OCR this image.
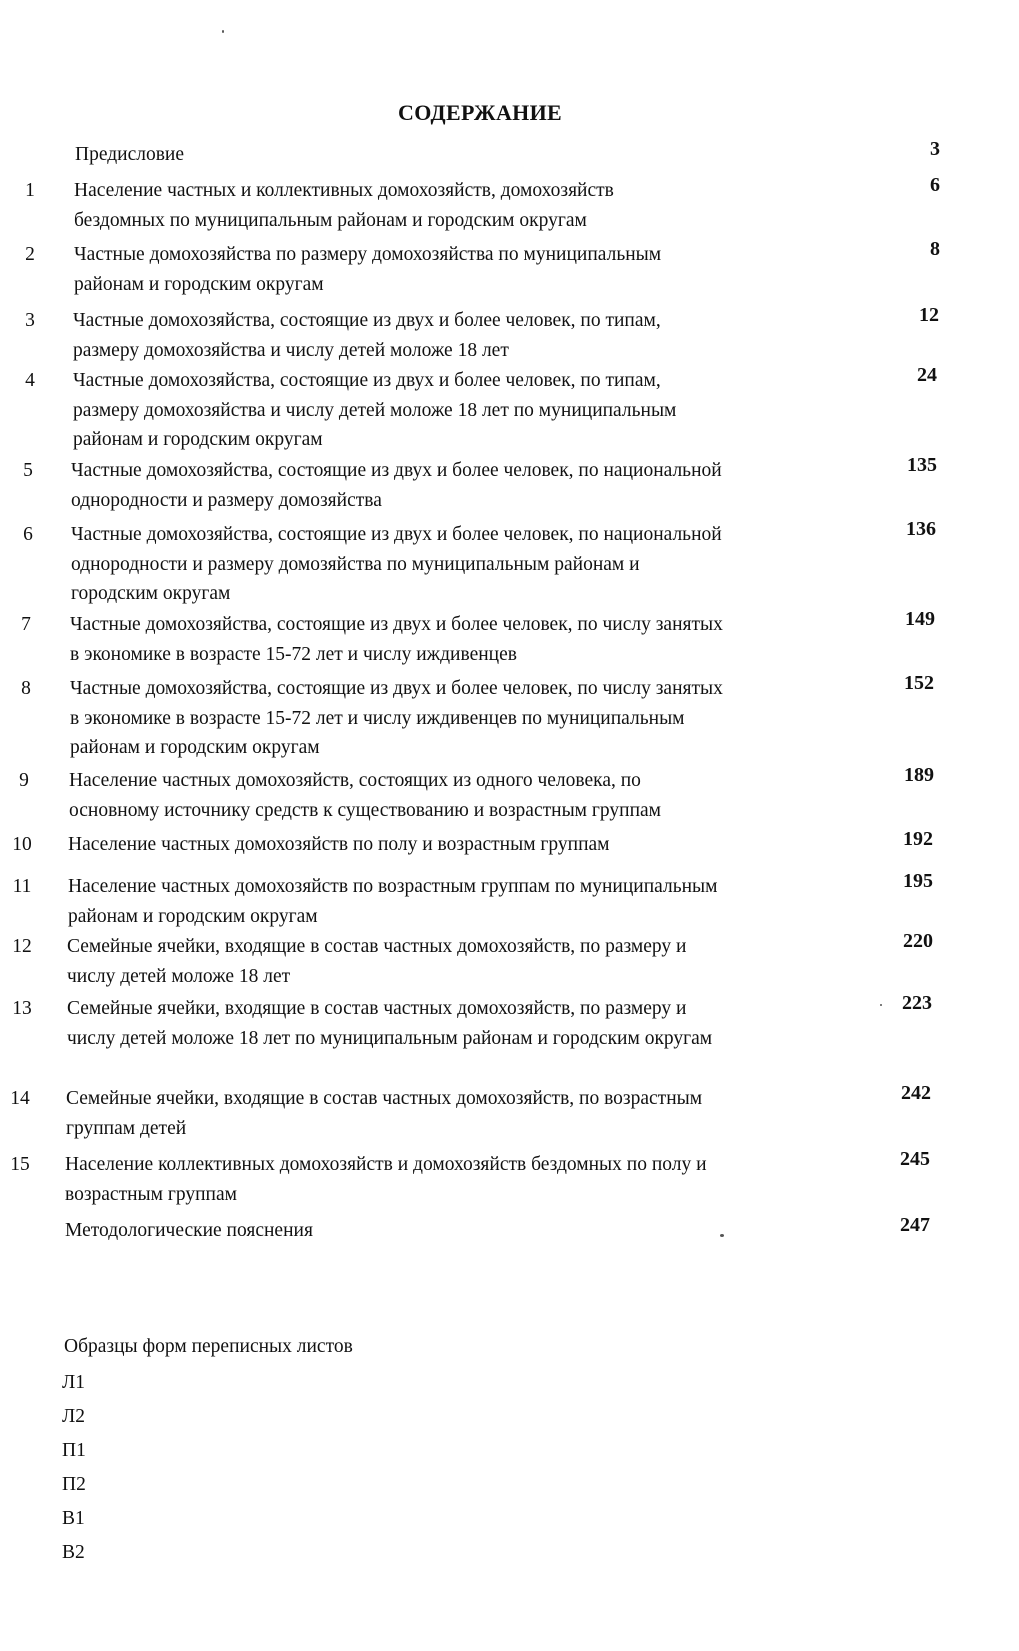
СОДЕРЖАНИЕ
Предисловие	3
1	Население частных и коллективных домохозяйств, домохозяйств
бездомных по муниципальным районам и городским округам
6
2	Частные домохозяйства по размеру домохозяйства по муниципальным
районам и городским округам
8
3	Частные домохозяйства, состоящие из двух и более человек, по типам,
размеру домохозяйства и числу детей моложе 18 лет
12
4	Частные домохозяйства, состоящие из двух и более человек, по типам,
размеру домохозяйства и числу детей моложе 18 лет по муниципальным
районам и городским округам
24
5	Частные домохозяйства, состоящие из двух и более человек, по национальной
однородности и размеру домозяйства
135
6	Частные домохозяйства, состоящие из двух и более человек, по национальной
однородности и размеру домозяйства по муниципальным районам и
городским округам
136
7	Частные домохозяйства, состоящие из двух и более человек, по числу занятых
в экономике в возрасте 15-72 лет и числу иждивенцев
149
8	Частные домохозяйства, состоящие из двух и более человек, по числу занятых
в экономике в возрасте 15-72 лет и числу иждивенцев по муниципальным
районам и городским округам
152
9	Население частных домохозяйств, состоящих из одного человека, по
основному источнику средств к существованию и возрастным группам
189
10	Население частных домохозяйств по полу и возрастным группам	192
11	Население частных домохозяйств по возрастным группам по муниципальным
районам и городским округам
195
12	Семейные ячейки, входящие в состав частных домохозяйств, по размеру и
числу детей моложе 18 лет
220
13	Семейные ячейки, входящие в состав частных домохозяйств, по размеру и
числу детей моложе 18 лет по муниципальным районам и городским округам
223
14	Семейные ячейки, входящие в состав частных домохозяйств, по возрастным
группам детей
242
15	Население коллективных домохозяйств и домохозяйств бездомных по полу и
возрастным группам
245
Методологические пояснения	247
Образцы форм переписных листов
Л1
Л2
П1
П2
В1
В2
